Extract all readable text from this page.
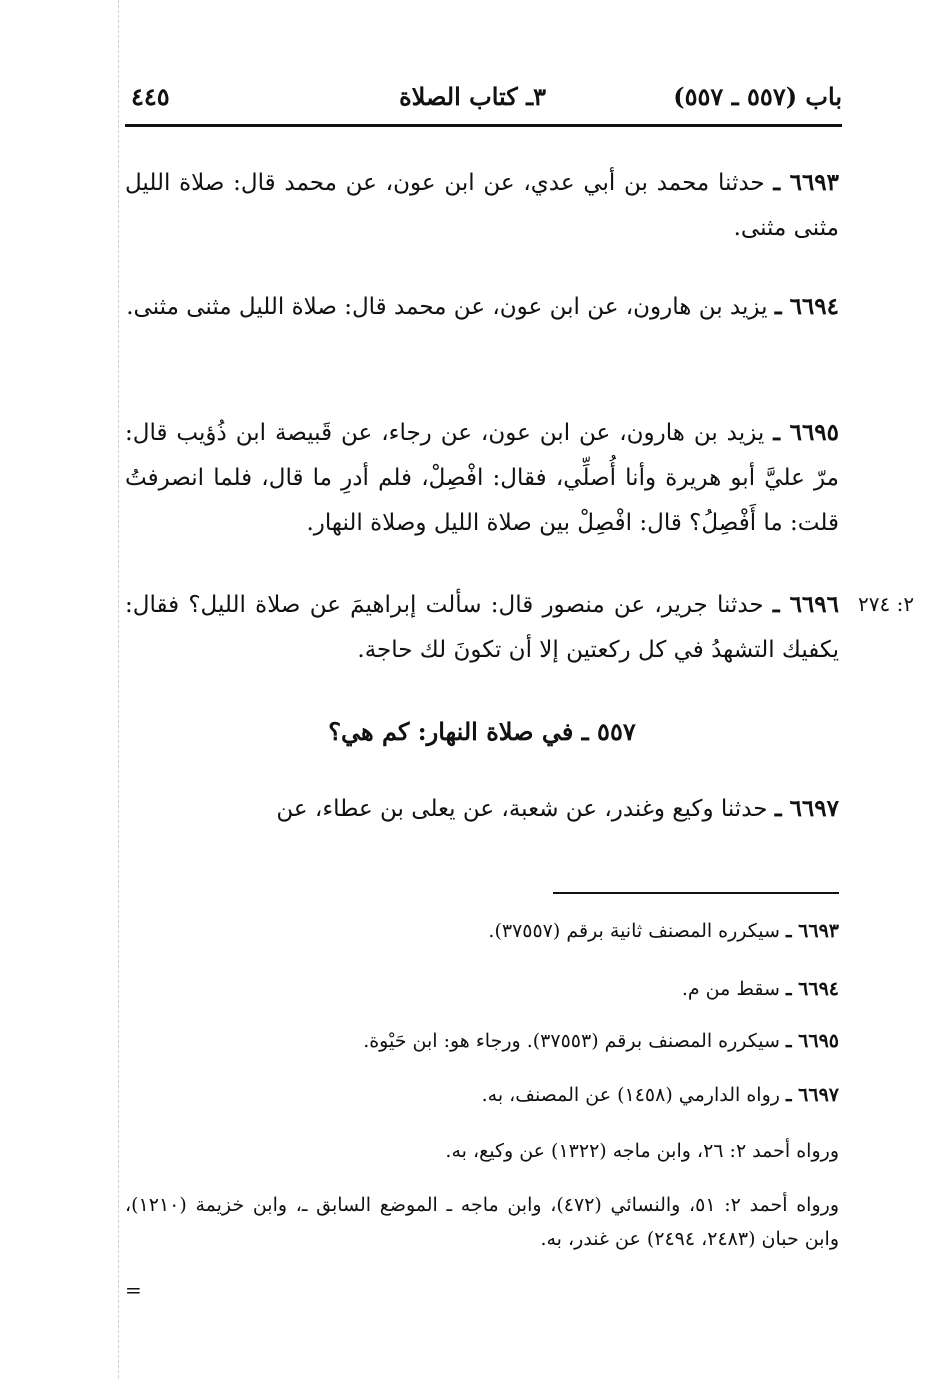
باب (٥٥٧ ـ ٥٥٧)
٣ـ كتاب الصلاة
٤٤٥
٦٦٩٣ ـ حدثنا محمد بن أبي عدي، عن ابن عون، عن محمد قال: صلاة الليل مثنى مثنى.
٦٦٩٤ ـ يزيد بن هارون، عن ابن عون، عن محمد قال: صلاة الليل مثنى مثنى.
٦٦٩٥ ـ يزيد بن هارون، عن ابن عون، عن رجاء، عن قَبيصة ابن ذُؤيب قال: مرّ عليَّ أبو هريرة وأنا أُصلِّي، فقال: افْصِلْ، فلم أدرِ ما قال، فلما انصرفتُ قلت: ما أَفْصِلُ؟ قال: افْصِلْ بين صلاة الليل وصلاة النهار.
٦٦٩٦ ـ حدثنا جرير، عن منصور قال: سألت إبراهيمَ عن صلاة الليل؟ فقال: يكفيك التشهدُ في كل ركعتين إلا أن تكونَ لك حاجة.
٢: ٢٧٤
٥٥٧ ـ في صلاة النهار: كم هي؟
٦٦٩٧ ـ حدثنا وكيع وغندر، عن شعبة، عن يعلى بن عطاء، عن
٦٦٩٣ ـ سيكرره المصنف ثانية برقم (٣٧٥٥٧).
٦٦٩٤ ـ سقط من م.
٦٦٩٥ ـ سيكرره المصنف برقم (٣٧٥٥٣). ورجاء هو: ابن حَيْوة.
٦٦٩٧ ـ رواه الدارمي (١٤٥٨) عن المصنف، به.
ورواه أحمد ٢: ٢٦، وابن ماجه (١٣٢٢) عن وكيع، به.
ورواه أحمد ٢: ٥١، والنسائي (٤٧٢)، وابن ماجه ـ الموضع السابق ـ، وابن خزيمة (١٢١٠)، وابن حبان (٢٤٨٣، ٢٤٩٤) عن غندر، به.
=
